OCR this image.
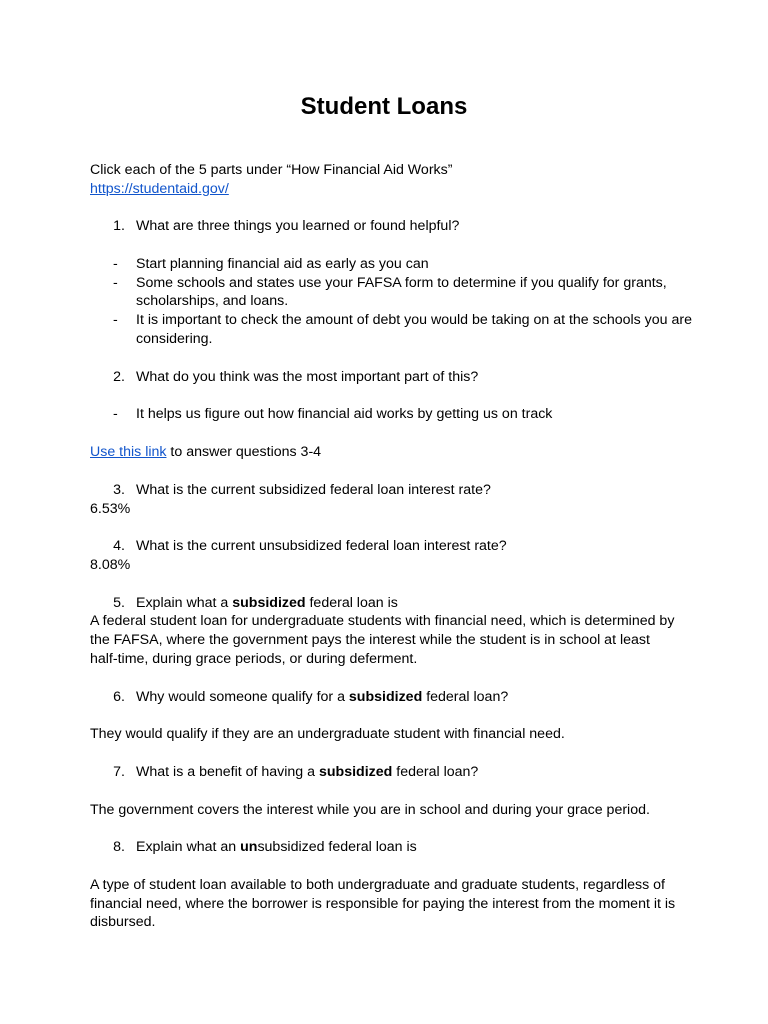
Student Loans
Click each of the 5 parts under “How Financial Aid Works”
https://studentaid.gov/
1. What are three things you learned or found helpful?
- Start planning financial aid as early as you can
- Some schools and states use your FAFSA form to determine if you qualify for grants,
scholarships, and loans.
- It is important to check the amount of debt you would be taking on at the schools you are
considering.
2. What do you think was the most important part of this?
- It helps us figure out how financial aid works by getting us on track
Use this link to answer questions 3-4
3. What is the current subsidized federal loan interest rate?
6.53%
4. What is the current unsubsidized federal loan interest rate?
8.08%
5. Explain what a subsidized federal loan is
A federal student loan for undergraduate students with financial need, which is determined by
the FAFSA, where the government pays the interest while the student is in school at least
half-time, during grace periods, or during deferment.
6. Why would someone qualify for a subsidized federal loan?
They would qualify if they are an undergraduate student with financial need.
7. What is a benefit of having a subsidized federal loan?
The government covers the interest while you are in school and during your grace period.
8. Explain what an unsubsidized federal loan is
A type of student loan available to both undergraduate and graduate students, regardless of
financial need, where the borrower is responsible for paying the interest from the moment it is
disbursed.
